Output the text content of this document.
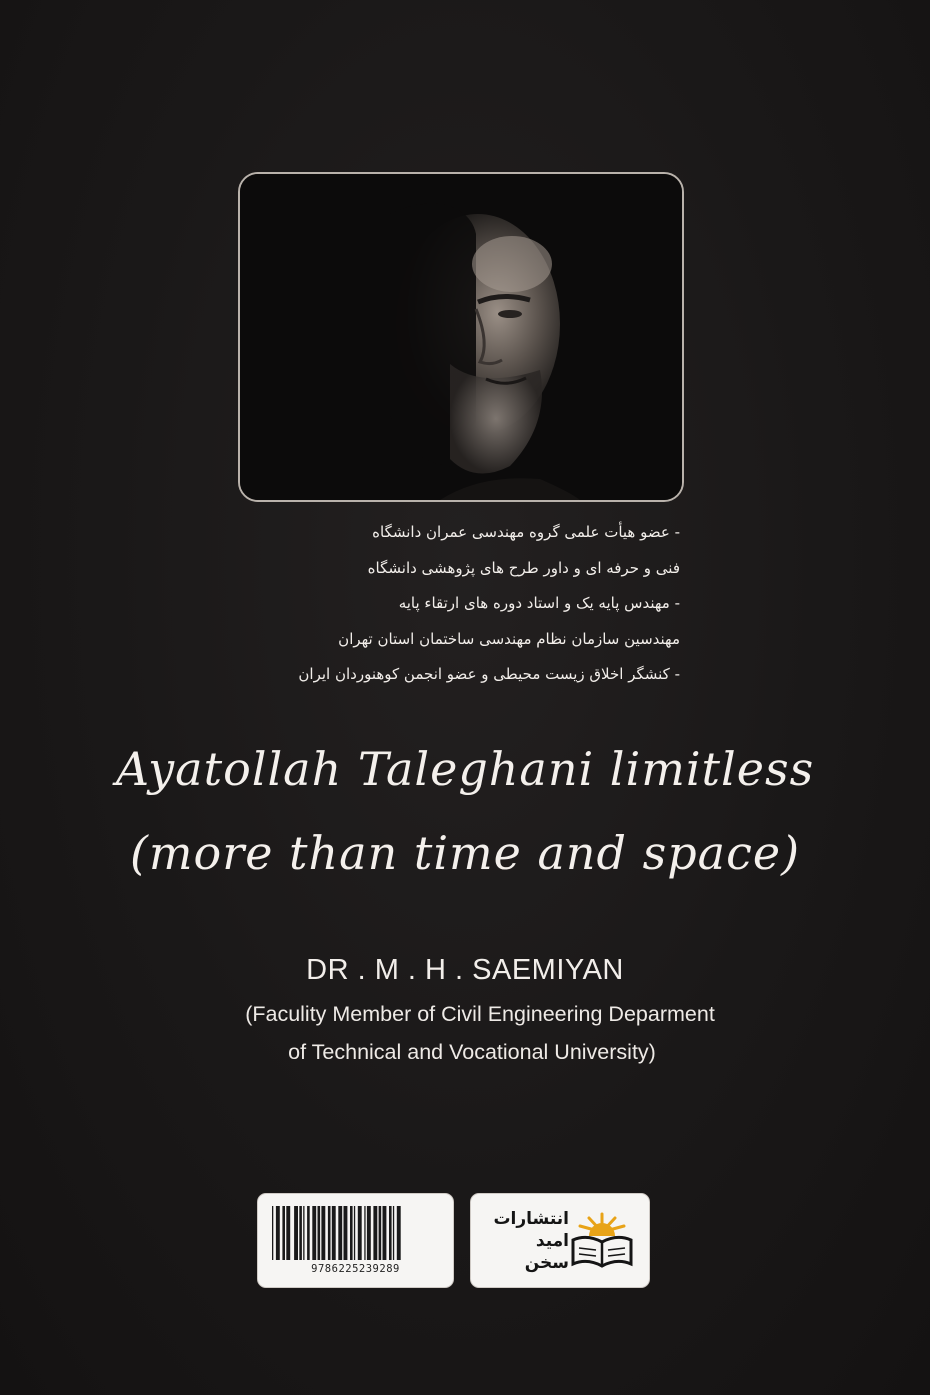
- عضو هیأت علمی گروه مهندسی عمران دانشگاه
فنی و حرفه ای و داور طرح های پژوهشی دانشگاه
- مهندس پایه یک و استاد دوره های ارتقاء پایه
مهندسین سازمان نظام مهندسی ساختمان استان تهران
- کنشگر اخلاق زیست محیطی و عضو انجمن کوهنوردان ایران
Ayatollah Taleghani limitless
(more than time and space)
DR . M . H . SAEMIYAN
(Faculity Member of Civil Engineering Deparment
of Technical and Vocational University)
9786225239289
انتشارات
امید
سخن
